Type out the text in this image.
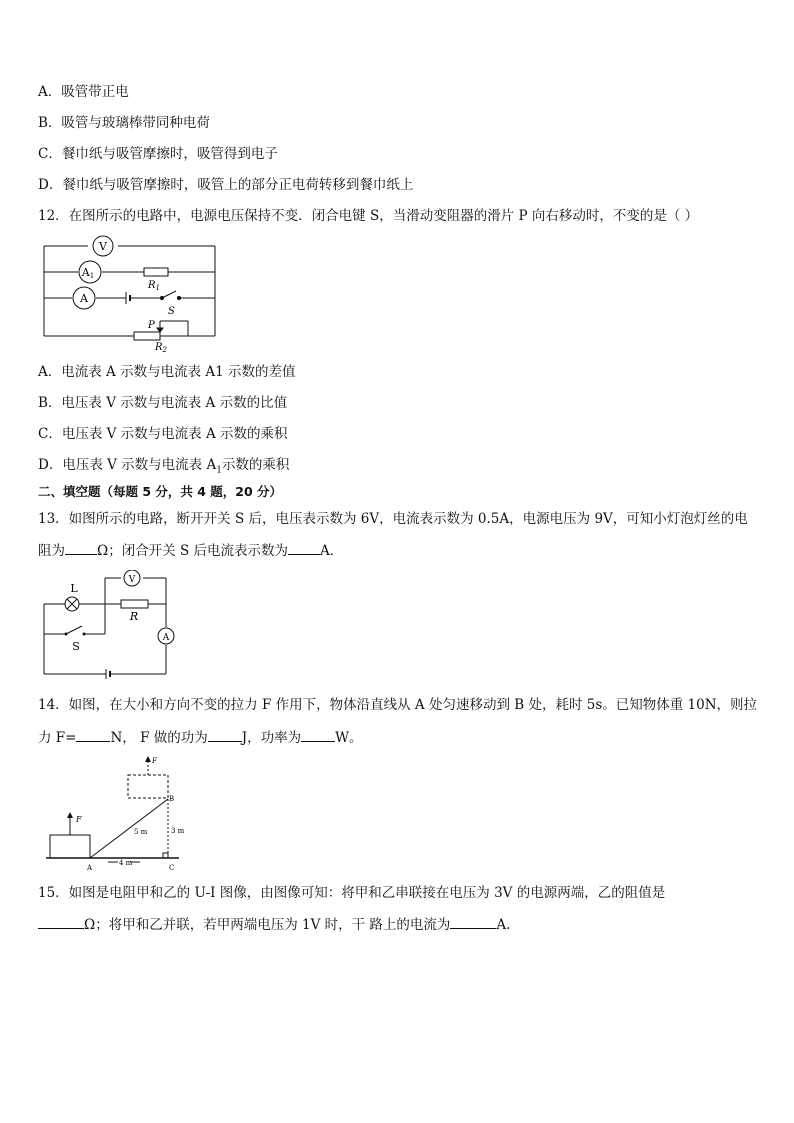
A．吸管带正电
B．吸管与玻璃棒带同种电荷
C．餐巾纸与吸管摩擦时，吸管得到电子
D．餐巾纸与吸管摩擦时，吸管上的部分正电荷转移到餐巾纸上
12．在图所示的电路中，电源电压保持不变．闭合电键 S，当滑动变阻器的滑片 P 向右移动时，不变的是（ ）
V
A1
A
$R_1$
S
P
$R_2$
A．电流表 A 示数与电流表 A1 示数的差值
B．电压表 V 示数与电流表 A 示数的比值
C．电压表 V 示数与电流表 A 示数的乘积
D．电压表 V 示数与电流表 $A_1$示数的乘积
二、填空题（每题 5 分，共 4 题，20 分）
13．如图所示的电路，断开开关 S 后，电压表示数为 6V，电流表示数为 0.5A，电源电压为 9V，可知小灯泡灯丝的电
阻为 Ω；闭合开关 S 后电流表示数为 A．
L
V
R
A
S
14．如图，在大小和方向不变的拉力 F 作用下，物体沿直线从 A 处匀速移动到 B 处，耗时 5s。已知物体重 10N，则拉
力 F=	N， F 做的功为	J，功率为	W。
F
F
A
B
C
5 m
4 m
3 m
15．如图是电阻甲和乙的 U-I 图像，由图像可知：将甲和乙串联接在电压为 3V 的电源两端，乙的阻值是
Ω；将甲和乙并联，若甲两端电压为 1V 时，干 路上的电流为	A.
